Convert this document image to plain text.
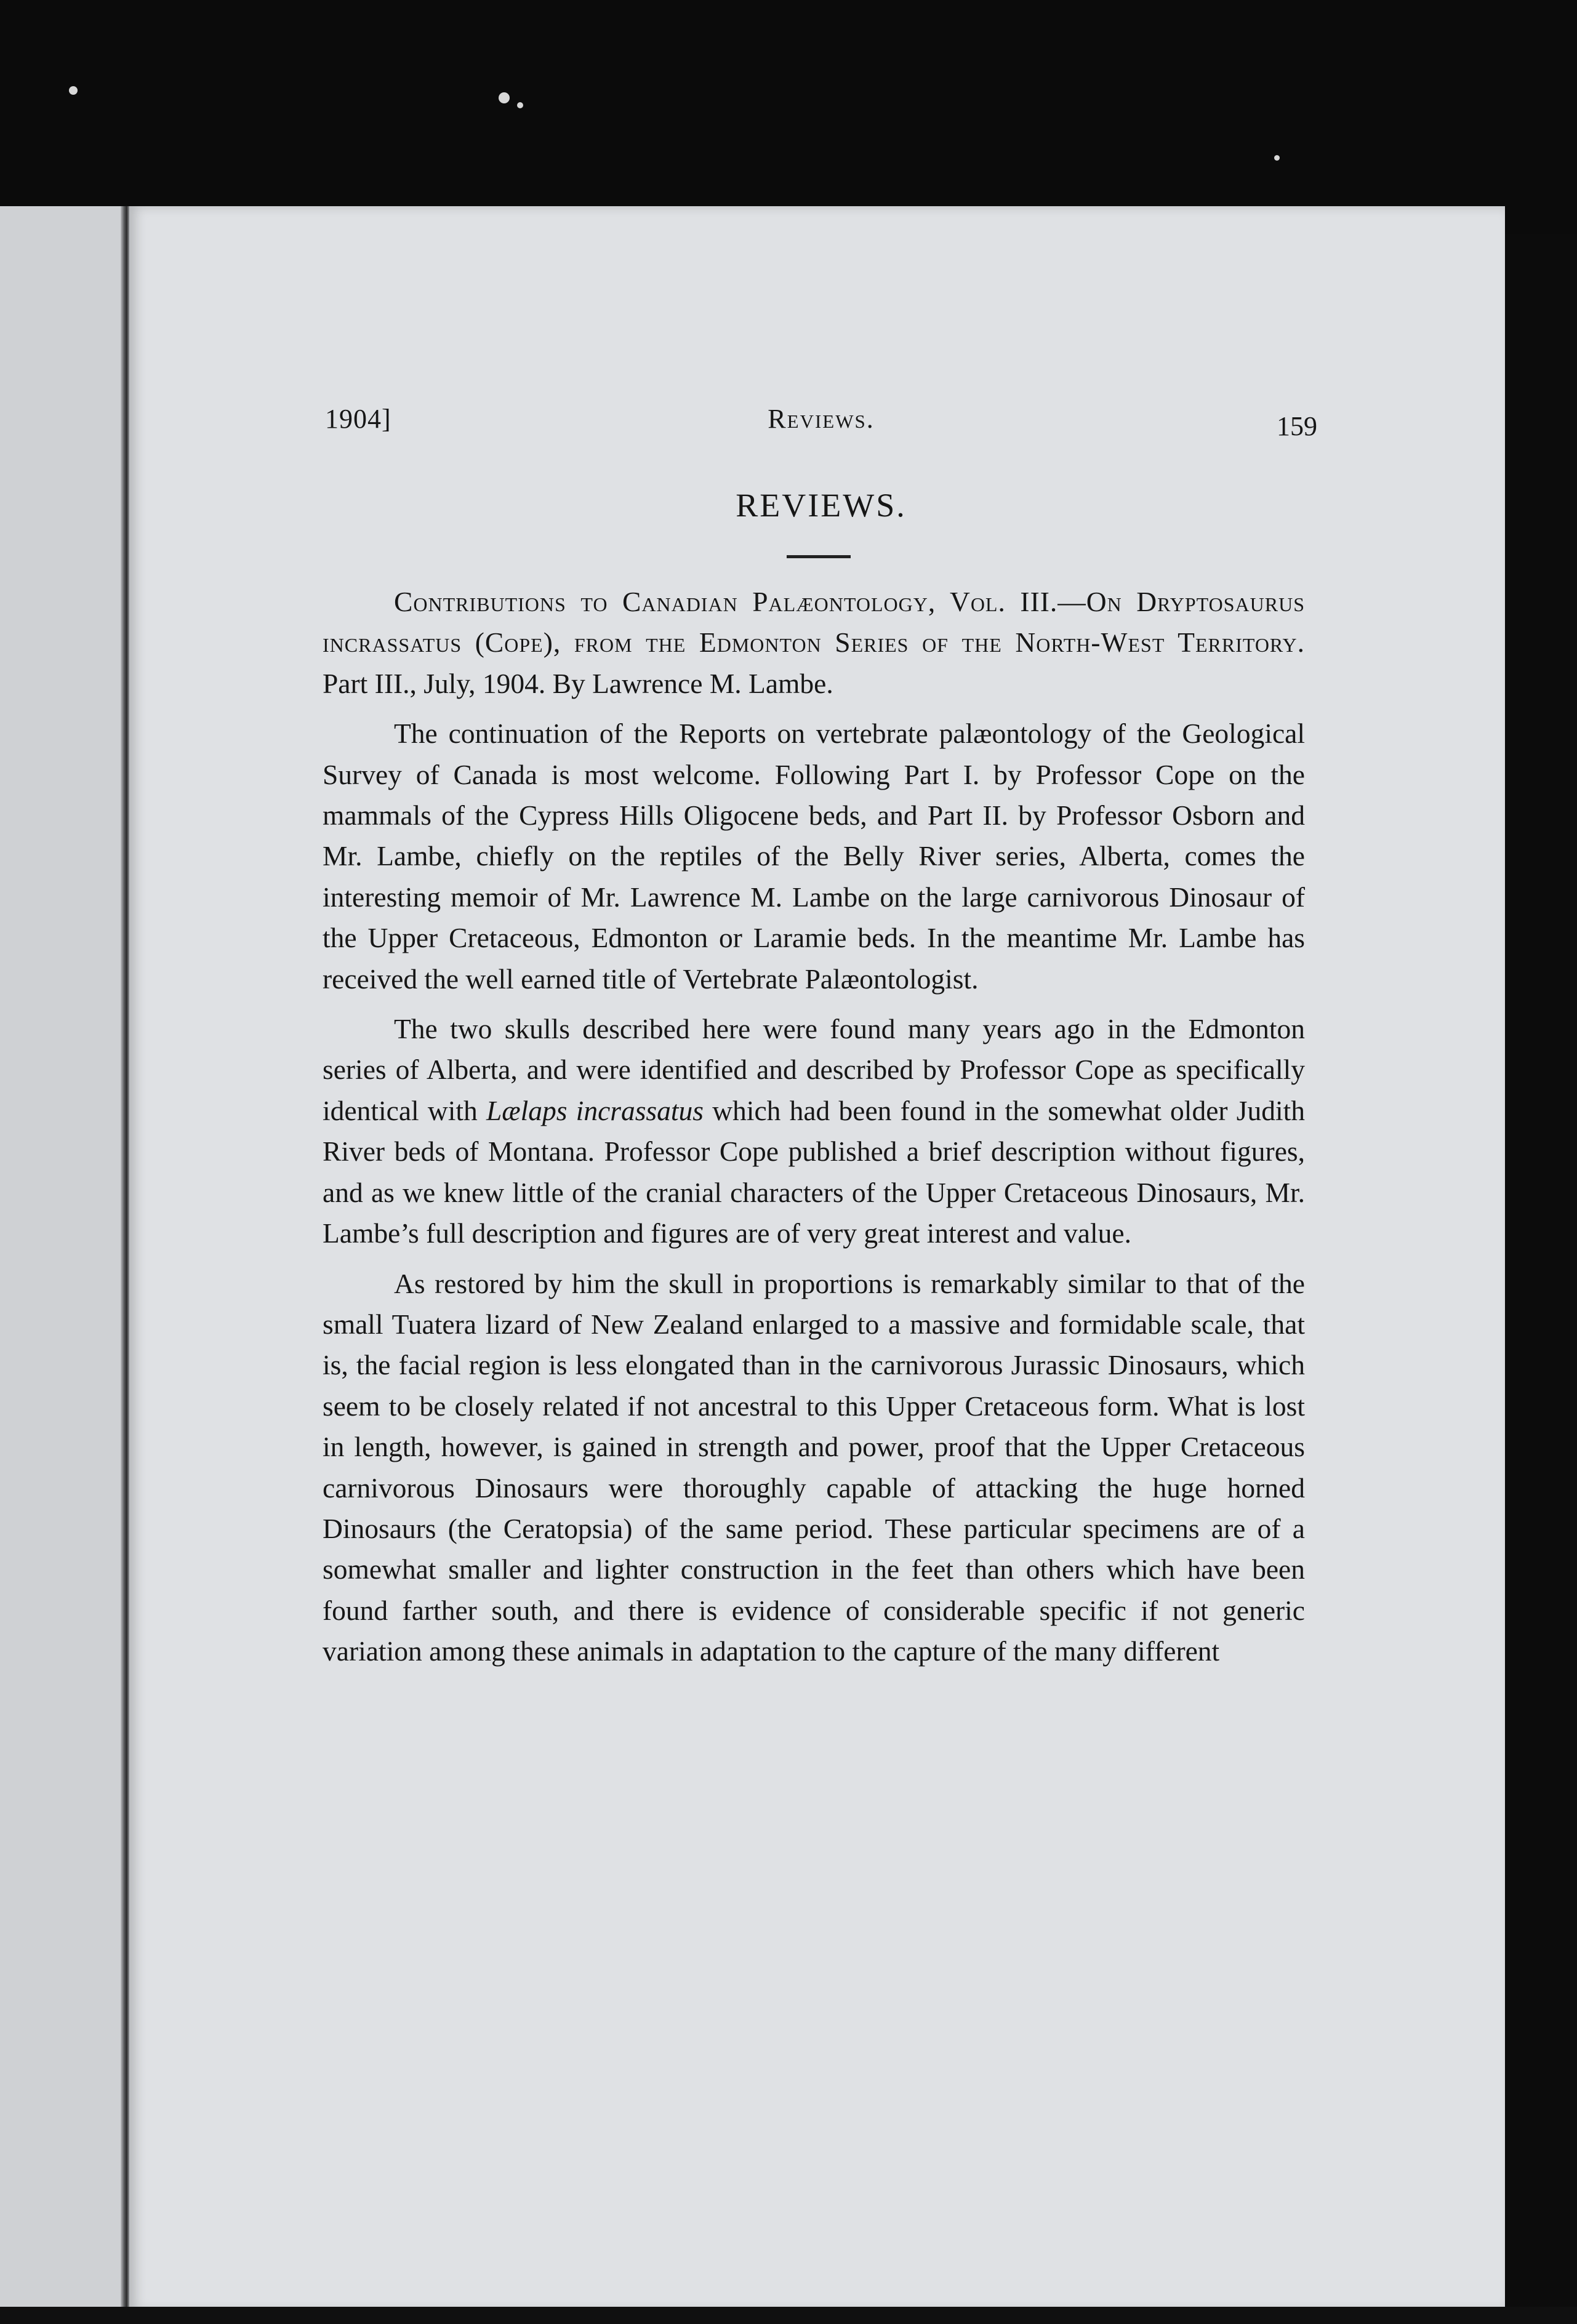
1904]	Reviews.	159
REVIEWS.

Contributions to Canadian Palæontology, Vol. III.—On Dryptosaurus incrassatus (Cope), from the Edmonton Series of the North-West Territory. Part III., July, 1904. By Lawrence M. Lambe.

The continuation of the Reports on vertebrate palæontology of the Geological Survey of Canada is most welcome. Following Part I. by Professor Cope on the mammals of the Cypress Hills Oligocene beds, and Part II. by Professor Osborn and Mr. Lambe, chiefly on the reptiles of the Belly River series, Alberta, comes the interesting memoir of Mr. Lawrence M. Lambe on the large carnivorous Dinosaur of the Upper Cretaceous, Edmonton or Laramie beds. In the meantime Mr. Lambe has received the well earned title of Vertebrate Palæontologist.

The two skulls described here were found many years ago in the Edmonton series of Alberta, and were identified and described by Professor Cope as specifically identical with Lælaps incrassatus which had been found in the somewhat older Judith River beds of Montana. Professor Cope published a brief description without figures, and as we knew little of the cranial characters of the Upper Cretaceous Dinosaurs, Mr. Lambe’s full description and figures are of very great interest and value.

As restored by him the skull in proportions is remarkably similar to that of the small Tuatera lizard of New Zealand enlarged to a massive and formidable scale, that is, the facial region is less elongated than in the carnivorous Jurassic Dinosaurs, which seem to be closely related if not ancestral to this Upper Cretaceous form. What is lost in length, however, is gained in strength and power, proof that the Upper Cretaceous carnivorous Dinosaurs were thoroughly capable of attacking the huge horned Dinosaurs (the Ceratopsia) of the same period. These particular specimens are of a somewhat smaller and lighter construction in the feet than others which have been found farther south, and there is evidence of considerable specific if not generic variation among these animals in adaptation to the capture of the many different
